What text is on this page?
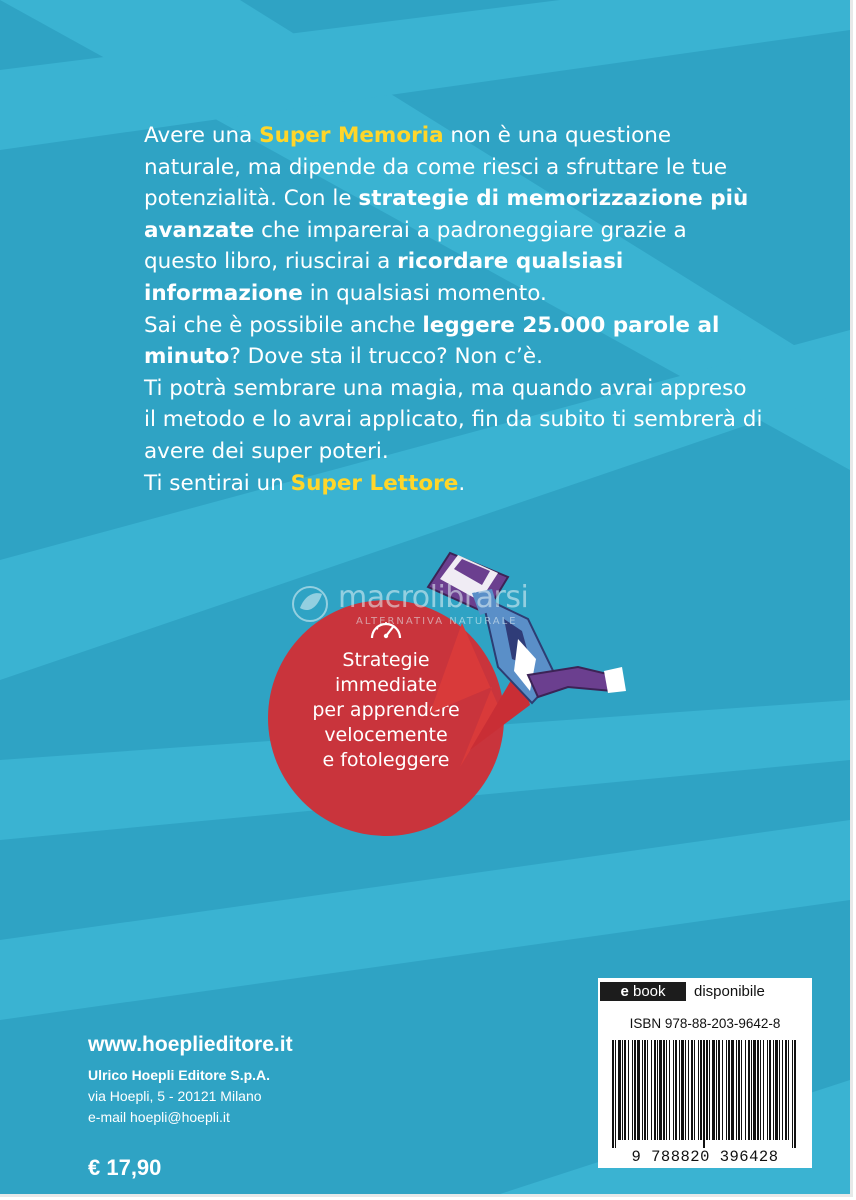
Avere una Super Memoria non è una questione naturale, ma dipende da come riesci a sfruttare le tue potenzialità. Con le strategie di memorizzazione più avanzate che imparerai a padroneggiare grazie a questo libro, riuscirai a ricordare qualsiasi informazione in qualsiasi momento.

Sai che è possibile anche leggere 25.000 parole al minuto? Dove sta il trucco? Non c’è.

Ti potrà sembrare una magia, ma quando avrai appreso il metodo e lo avrai applicato, fin da subito ti sembrerà di avere dei super poteri.

Ti sentirai un Super Lettore.

Strategie
immediate
per apprendere
velocemente
e fotoleggere
macrolibrarsi
ALTERNATIVA NATURALE
www.hoeplieditore.it
Ulrico Hoepli Editore S.p.A.
via Hoepli, 5 - 20121 Milano
e-mail hoepli@hoepli.it
€ 17,90
e book	disponibile
ISBN 978-88-203-9642-8
9 788820 396428
